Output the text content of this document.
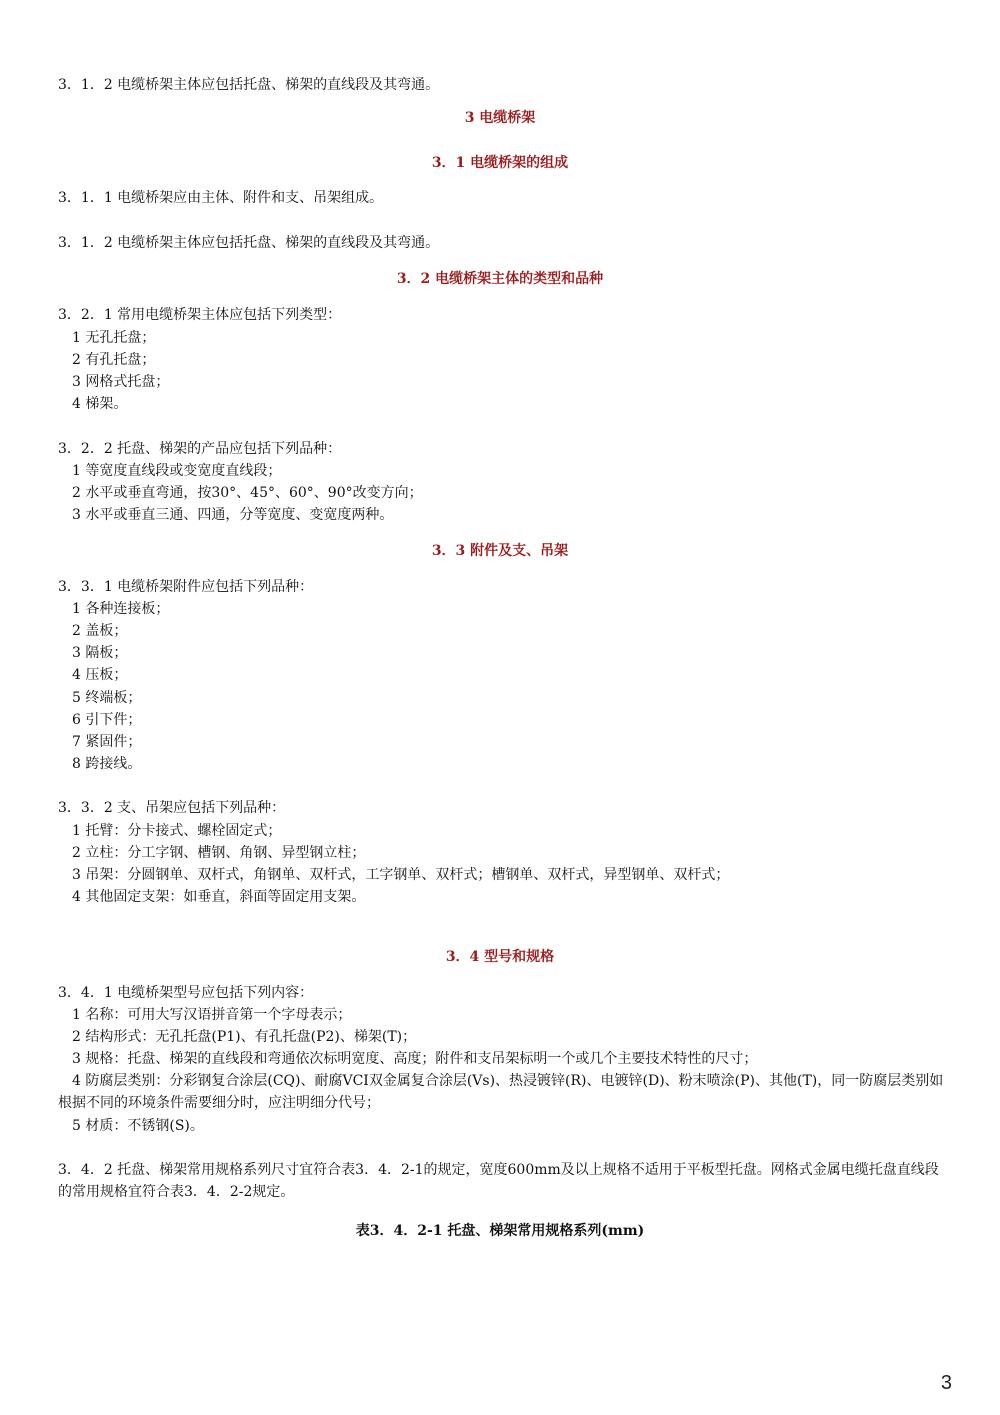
3．1．2 电缆桥架主体应包括托盘、梯架的直线段及其弯通。
3 电缆桥架
3．1 电缆桥架的组成
3．1．1 电缆桥架应由主体、附件和支、吊架组成。
3．1．2 电缆桥架主体应包括托盘、梯架的直线段及其弯通。
3．2 电缆桥架主体的类型和品种
3．2．1 常用电缆桥架主体应包括下列类型：
1 无孔托盘；
2 有孔托盘；
3 网格式托盘；
4 梯架。
3．2．2 托盘、梯架的产品应包括下列品种：
1 等宽度直线段或变宽度直线段；
2 水平或垂直弯通，按30°、45°、60°、90°改变方向；
3 水平或垂直三通、四通，分等宽度、变宽度两种。
3．3 附件及支、吊架
3．3．1 电缆桥架附件应包括下列品种：
1 各种连接板；
2 盖板；
3 隔板；
4 压板；
5 终端板；
6 引下件；
7 紧固件；
8 跨接线。
3．3．2 支、吊架应包括下列品种：
1 托臂：分卡接式、螺栓固定式；
2 立柱：分工字钢、槽钢、角钢、异型钢立柱；
3 吊架：分圆钢单、双杆式，角钢单、双杆式，工字钢单、双杆式；槽钢单、双杆式，异型钢单、双杆式；
4 其他固定支架：如垂直，斜面等固定用支架。
3．4 型号和规格
3．4．1 电缆桥架型号应包括下列内容：
1 名称：可用大写汉语拼音第一个字母表示；
2 结构形式：无孔托盘(P1)、有孔托盘(P2)、梯架(T)；
3 规格：托盘、梯架的直线段和弯通依次标明宽度、高度；附件和支吊架标明一个或几个主要技术特性的尺寸；
4 防腐层类别：分彩钢复合涂层(CQ)、耐腐VCI双金属复合涂层(Vs)、热浸镀锌(R)、电镀锌(D)、粉末喷涂(P)、其他(T)，同一防腐层类别如根据不同的环境条件需要细分时，应注明细分代号；
5 材质：不锈钢(S)。
3．4．2 托盘、梯架常用规格系列尺寸宜符合表3．4．2-1的规定，宽度600mm及以上规格不适用于平板型托盘。网格式金属电缆托盘直线段的常用规格宜符合表3．4．2-2规定。
表3．4．2-1 托盘、梯架常用规格系列(mm)
3
